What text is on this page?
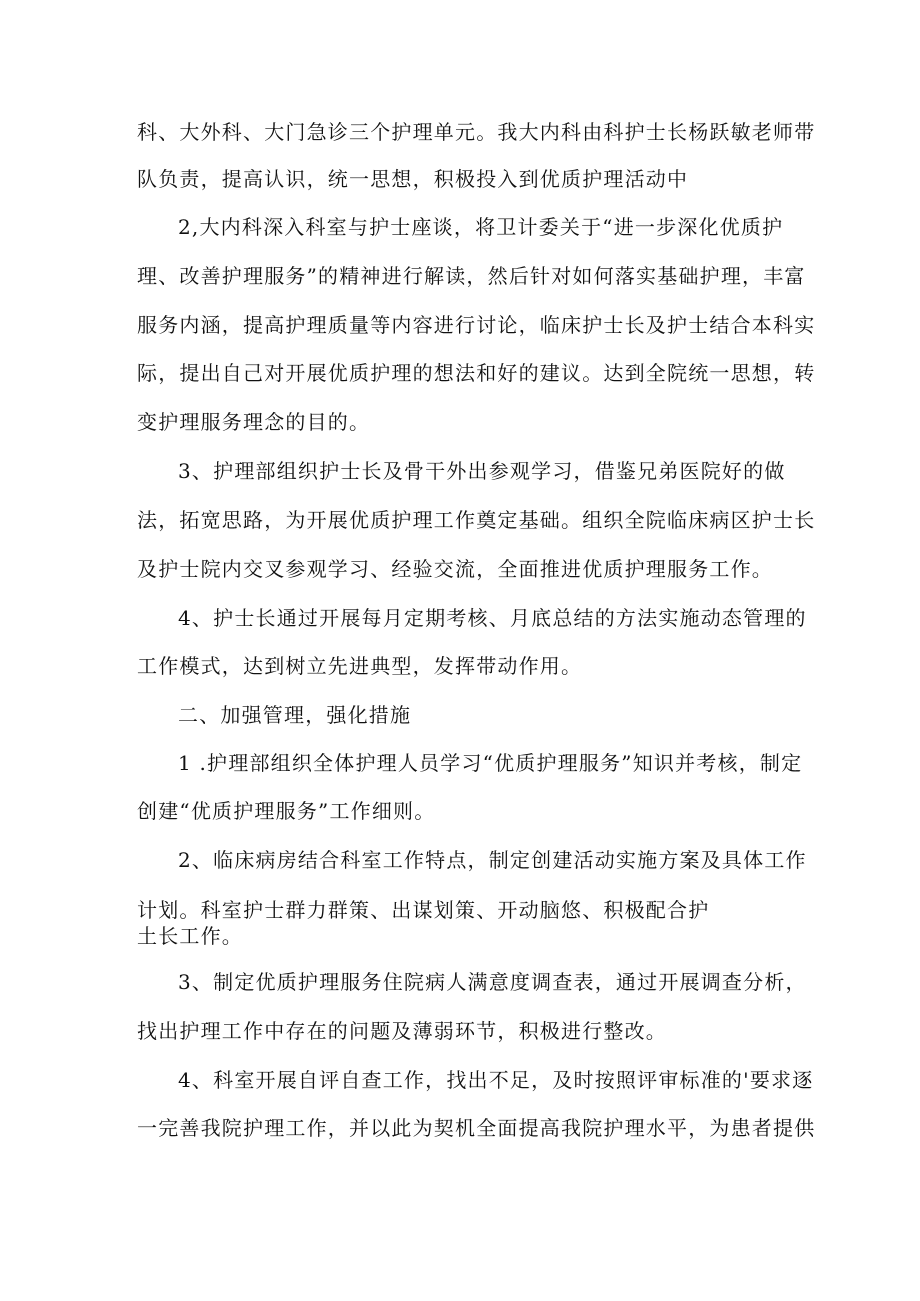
科、大外科、大门急诊三个护理单元。我大内科由科护士长杨跃敏老师带
队负责，提高认识，统一思想，积极投入到优质护理活动中
2,大内科深入科室与护士座谈，将卫计委关于“进一步深化优质护
理、改善护理服务”的精神进行解读，然后针对如何落实基础护理，丰富
服务内涵，提高护理质量等内容进行讨论，临床护士长及护士结合本科实
际，提出自己对开展优质护理的想法和好的建议。达到全院统一思想，转
变护理服务理念的目的。
3、护理部组织护士长及骨干外出参观学习，借鉴兄弟医院好的做
法，拓宽思路，为开展优质护理工作奠定基础。组织全院临床病区护士长
及护士院内交叉参观学习、经验交流，全面推进优质护理服务工作。
4、护士长通过开展每月定期考核、月底总结的方法实施动态管理的
工作模式，达到树立先进典型，发挥带动作用。
二、加强管理，强化措施
1 .护理部组织全体护理人员学习“优质护理服务”知识并考核，制定
创建“优质护理服务”工作细则。
2、临床病房结合科室工作特点，制定创建活动实施方案及具体工作
计划。科室护士群力群策、出谋划策、开动脑悠、积极配合护
土长工作。
3、制定优质护理服务住院病人满意度调查表，通过开展调查分析，
找出护理工作中存在的问题及薄弱环节，积极进行整改。
4、科室开展自评自查工作，找出不足，及时按照评审标准的'要求逐
一完善我院护理工作，并以此为契机全面提高我院护理水平，为患者提供
